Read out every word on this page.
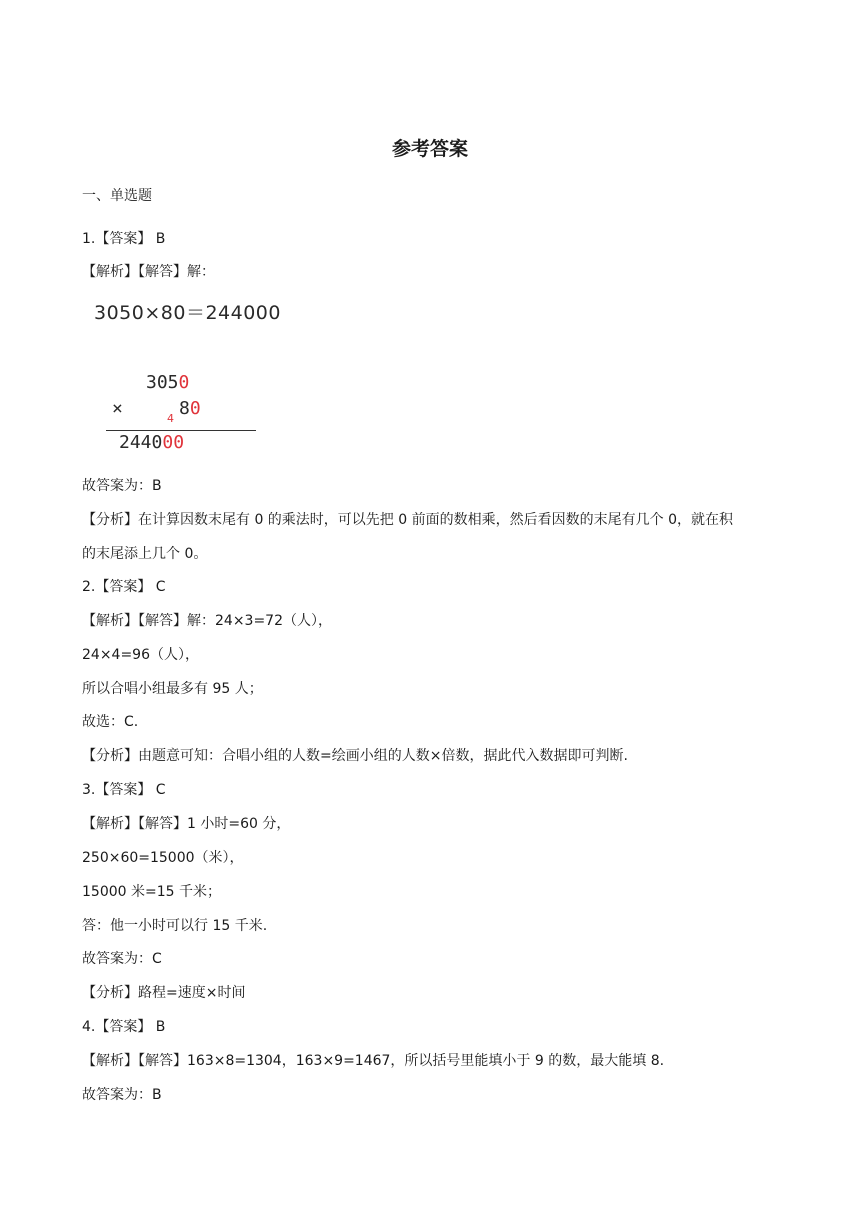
参考答案
一、单选题
1.【答案】 B
【解析】【解答】解：
3050×80＝244000
3050
×	80
4
244000
故答案为：B
【分析】在计算因数末尾有 0 的乘法时，可以先把 0 前面的数相乘，然后看因数的末尾有几个 0，就在积
的末尾添上几个 0。
2.【答案】 C
【解析】【解答】解：24×3=72（人），
24×4=96（人），
所以合唱小组最多有 95 人；
故选：C.
【分析】由题意可知：合唱小组的人数=绘画小组的人数×倍数，据此代入数据即可判断.
3.【答案】 C
【解析】【解答】1 小时=60 分，
250×60=15000（米），
15000 米=15 千米；
答：他一小时可以行 15 千米.
故答案为：C
【分析】路程=速度×时间
4.【答案】 B
【解析】【解答】163×8=1304，163×9=1467，所以括号里能填小于 9 的数，最大能填 8.
故答案为：B
